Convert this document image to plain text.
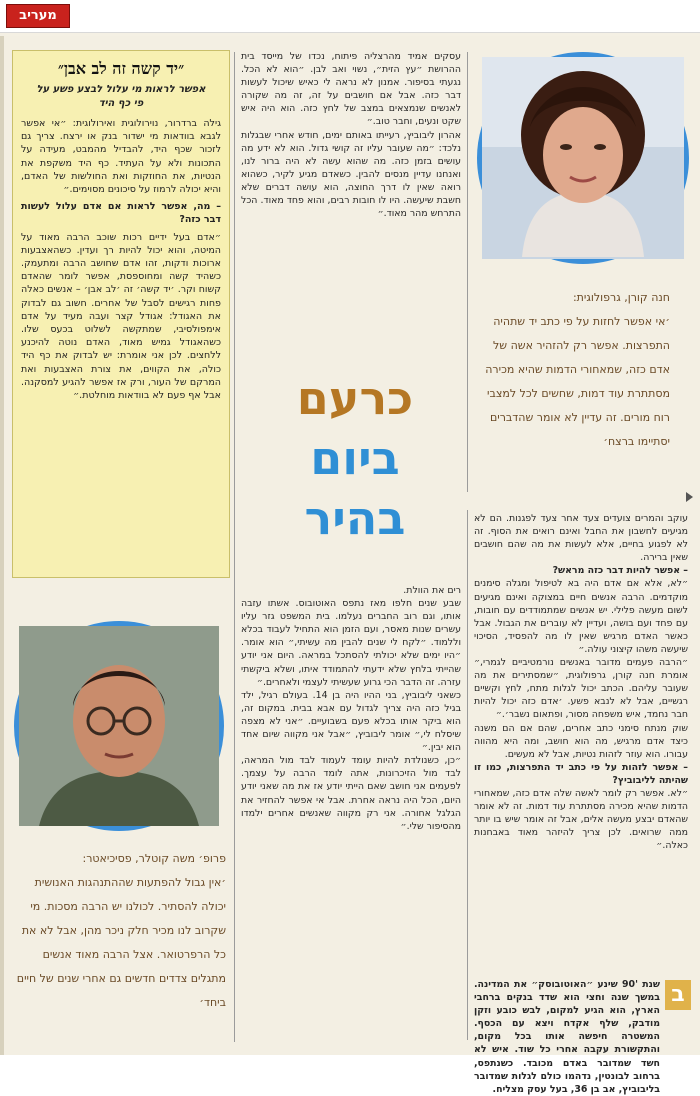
מעריב
״יד קשה זה לב אבן״
אפשר לראות מי עלול לבצע פשע על פי כף היד

גילה ברדרור, נוירולוגית ואירולוגית: ״אי אפשר לגבא בוודאות מי ישדור בנק או ירצח. צריך גם לזכור שכף היד, להבדיל מהמבט, מעידה על התכונות ולא על העתיד. כף היד משקפת את הנטיות, את החוזקות ואת החולשות של האדם, והיא יכולה לרמוז על סיכונים מסוימים.״

– מה, אפשר לראות אם אדם עלול לעשות דבר כזה?

״אדם בעל ידיים רכות שוכב הרבה מאוד על המיטה, והוא יכול להיות רך ועדין. כשהאצבעות ארוכות ודקות, זהו אדם שחושב הרבה ומתעמק. כשהיד קשה ומחוספסת, אפשר לומר שהאדם קשוח וקר. ׳יד קשה׳ זה ׳לב אבן׳ – אנשים כאלה פחות רגישים לסבל של אחרים. חשוב גם לבדוק את האגודל: אגודל קצר ועבה מעיד על אדם אימפולסיבי, שמתקשה לשלוט בכעס שלו. כשהאגודל גמיש מאוד, האדם נוטה להיכנע ללחצים. לכן אני אומרת: יש לבדוק את כף היד כולה, את הקווים, את צורת האצבעות ואת המרקם של העור, ורק אז אפשר להגיע למסקנה. אבל אף פעם לא בוודאות מוחלטת.״

עסקים אמיד מהרצליה פיתוח, נכדו של מייסד בית ההרושת ״עץ הזית״, נשוי ואב לבן. ״הוא לא הכל. נגעתי בסיפור. אמנון לא נראה לי כאיש שיכול לעשות דבר כזה. אבל אם חושבים על זה, זה מה שקורה לאנשים שנמצאים במצב של לחץ כזה. הוא היה איש שקט ונעים, וחבר טוב.״

אהרון ליבוביץ, רעייתו באותם ימים, חודש אחרי שבגלות נלכד: ״מה שעובר עליו זה קושי גדול. הוא לא ידע מה עושים בזמן כזה. מה שהוא עשה לא היה ברור לנו, ואנחנו עדיין מנסים להבין. כשאדם מגיע לקיר, כשהוא רואה שאין לו דרך החוצה, הוא עושה דברים שלא חשבת שיעשה. היו לו חובות רבים, והוא פחד מאוד. הכל התרחש מהר מאוד.״

כרעם
ביום
בהיר

חנה קורן, גרפולוגית:

׳אי אפשר לחזות על פי כתב יד שתהיה התפרצות. אפשר רק להזהיר אשה של אדם כזה, שמאחורי הדמות שהיא מכירה מסתתרת עוד דמות, שחשים לכל למצבי רוח מורים. זה עדיין לא אומר שהדברים יסתיימו ברצח׳

עוקב והמרים צועדים צעד אחר צעד לפגנות. הם לא מגיעים לחשבון את החבל ואינם רואים את הסוף. זה לא לפגוע בחיים, אלא לעשות את מה שהם חושבים שאין ברירה.

– אפשר להיות דבר כזה מראש?

״לא, אלא אם אדם היה בא לטיפול ומגלה סימנים מוקדמים. הרבה אנשים חיים במצוקה ואינם מגיעים לשום מעשה פלילי. יש אנשים שמתמודדים עם חובות, עם פחד ועם בושה, ועדיין לא עוברים את הגבול. אבל כאשר האדם מרגיש שאין לו מה להפסיד, הסיכוי שיעשה משהו קיצוני עולה.״

״הרבה פעמים מדובר באנשים נורמטיביים לגמרי,״ אומרת חנה קורן, גרפולוגית, ״שמסתירים את מה שעובר עליהם. הכתב יכול לגלות מתח, לחץ וקשיים רגשיים, אבל לא לנבא פשע. ׳אדם כזה יכול להיות חבר נחמד, איש משפחה מסור, ופתאום נשבר׳.״

שוק מנתח סימני כתב אחרים, שהם אם הם משנה כיצד אדם מרגיש, מה הוא חושב, ומה היא מהווה עבורו. הוא עוזר לזהות נטיות, אבל לא מעשים.

– אפשר לזהות על פי כתב יד התפרצות, כמו זו שהיתה לליבוביץ?

״לא. אפשר רק לומר לאשה שלה אדם כזה, שמאחורי הדמות שהיא מכירה מסתתרת עוד דמות. זה לא אומר שהאדם יבצע מעשה אלים, אבל זה אומר שיש בו יותר ממה שרואים. לכן צריך להיזהר מאוד באבחנות כאלה.״

שנת '90 שינע ״האוטובוסק״ את המדינה. במשך שנה וחצי הוא שדד בנקים ברחבי הארץ, הוא הגיע למקום, לבש כובע וזקן מודבק, שלף אקדח ויצא עם הכסף. המשטרה חיפשה אותו בכל מקום, והתקשורת עקבה אחרי כל שוד. איש לא חשד שמדובר באדם מכובד. כשנתפס, ברחוב לבונטין, נדהמו כולם לגלות שמדובר בליבוביץ, אב בן 36, בעל עסק מצליח.

ב

רים את הוולת.

שבע שנים חלפו מאז נתפס האוטובוס. אשתו עזבה אותו, וגם רוב החברים נעלמו. בית המשפט גזר עליו עשרים שנות מאסר, ועם הזמן הוא התחיל לעבוד בכלא וללמוד. ״לקח לי שנים להבין מה עשיתי,״ הוא אומר. ״היו ימים שלא יכולתי להסתכל במראה. היום אני יודע שהייתי בלחץ שלא ידעתי להתמודד איתו, ושלא ביקשתי עזרה. זה הדבר הכי גרוע שעשיתי לעצמי ולאחרים.״

כשאני ליבוביץ, בני ההיו היה בן 14. בעולם רגיל, ילד בגיל כזה היה צריך לגדול עם אבא בבית. במקום זה, הוא ביקר אותו בכלא פעם בשבועיים. ״אני לא מצפה שיסלח לי,״ אומר ליבוביץ, ״אבל אני מקווה שיום אחד הוא יבין.״

״כן, כשנולדת להיות עומד לעמוד לבד מול המראה, לבד מול הזיכרונות, אתה לומד הרבה על עצמך. לפעמים אני חושב שאם הייתי יודע אז את מה שאני יודע היום, הכל היה נראה אחרת. אבל אי אפשר להחזיר את הגלגל אחורה. אני רק מקווה שאנשים אחרים ילמדו מהסיפור שלי.״

פרופ׳ משה קוטלר, פסיכיאטר:

׳אין גבול להפתעות שההתנהגות האנושית יכולה להסתיר. לכולנו יש הרבה מסכות. מי שקרוב לנו מכיר חלק ניכר מהן, אבל לא את כל הרפרטואר. אצל הרבה מאוד אנשים מתגלים צדדים חדשים גם אחרי שנים של חיים ביחד׳
